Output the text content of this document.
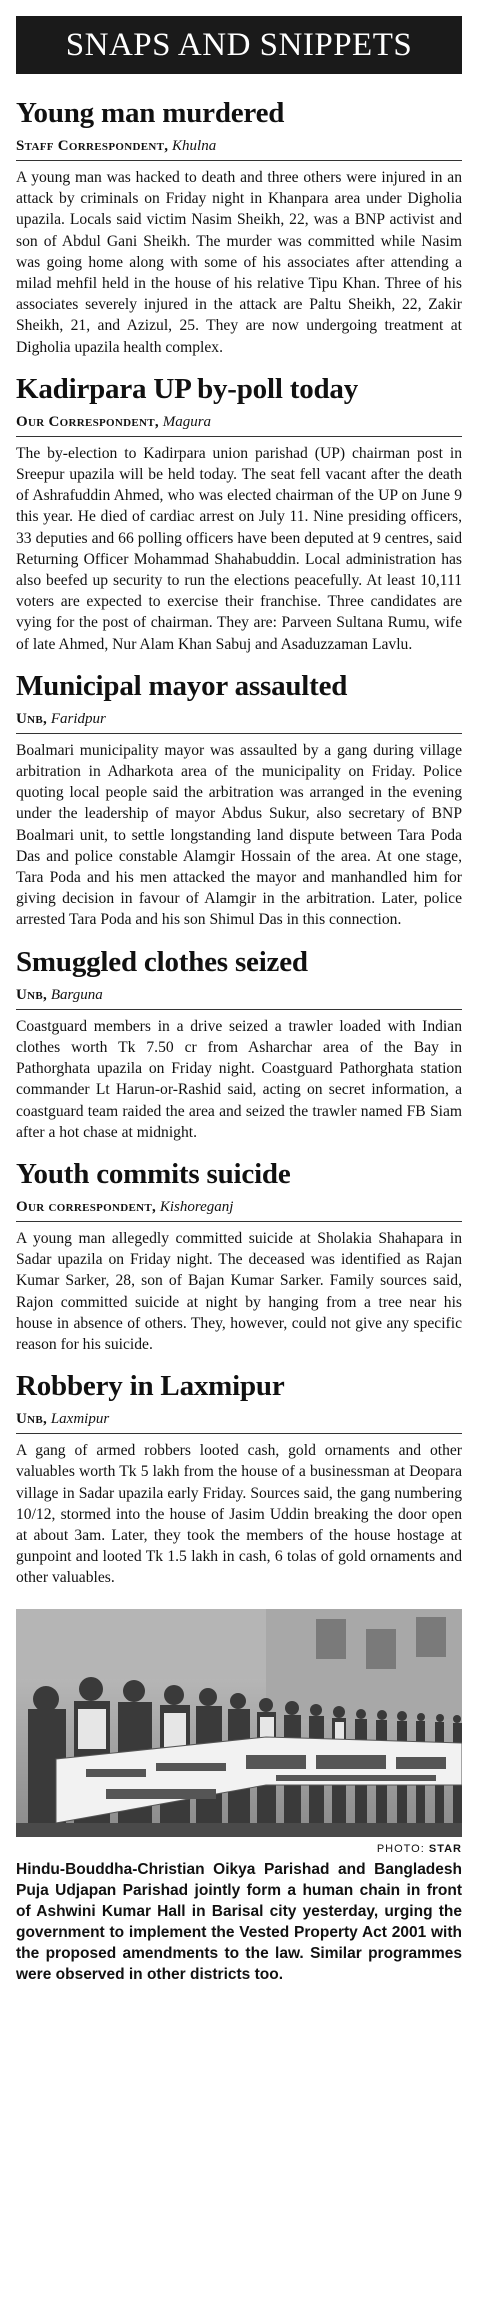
SNAPS AND SNIPPETS
Young man murdered
Staff Correspondent, Khulna

A young man was hacked to death and three others were injured in an attack by criminals on Friday night in Khanpara area under Digholia upazila. Locals said victim Nasim Sheikh, 22, was a BNP activist and son of Abdul Gani Sheikh. The murder was committed while Nasim was going home along with some of his associates after attending a milad mehfil held in the house of his relative Tipu Khan. Three of his associates severely injured in the attack are Paltu Sheikh, 22, Zakir Sheikh, 21, and Azizul, 25. They are now undergoing treatment at Digholia upazila health complex.

Kadirpara UP by-poll today
Our Correspondent, Magura

The by-election to Kadirpara union parishad (UP) chairman post in Sreepur upazila will be held today. The seat fell vacant after the death of Ashrafuddin Ahmed, who was elected chairman of the UP on June 9 this year. He died of cardiac arrest on July 11. Nine presiding officers, 33 deputies and 66 polling officers have been deputed at 9 centres, said Returning Officer Mohammad Shahabuddin. Local administration has also beefed up security to run the elections peacefully. At least 10,111 voters are expected to exercise their franchise. Three candidates are vying for the post of chairman. They are: Parveen Sultana Rumu, wife of late Ahmed, Nur Alam Khan Sabuj and Asaduzzaman Lavlu.

Municipal mayor assaulted
Unb, Faridpur

Boalmari municipality mayor was assaulted by a gang during village arbitration in Adharkota area of the municipality on Friday. Police quoting local people said the arbitration was arranged in the evening under the leadership of mayor Abdus Sukur, also secretary of BNP Boalmari unit, to settle longstanding land dispute between Tara Poda Das and police constable Alamgir Hossain of the area. At one stage, Tara Poda and his men attacked the mayor and manhandled him for giving decision in favour of Alamgir in the arbitration. Later, police arrested Tara Poda and his son Shimul Das in this connection.

Smuggled clothes seized
Unb, Barguna

Coastguard members in a drive seized a trawler loaded with Indian clothes worth Tk 7.50 cr from Asharchar area of the Bay in Pathorghata upazila on Friday night. Coastguard Pathorghata station commander Lt Harun-or-Rashid said, acting on secret information, a coastguard team raided the area and seized the trawler named FB Siam after a hot chase at midnight.

Youth commits suicide
Our correspondent, Kishoreganj

A young man allegedly committed suicide at Sholakia Shahapara in Sadar upazila on Friday night. The deceased was identified as Rajan Kumar Sarker, 28, son of Bajan Kumar Sarker. Family sources said, Rajon committed suicide at night by hanging from a tree near his house in absence of others. They, however, could not give any specific reason for his suicide.

Robbery in Laxmipur
Unb, Laxmipur

A gang of armed robbers looted cash, gold ornaments and other valuables worth Tk 5 lakh from the house of a businessman at Deopara village in Sadar upazila early Friday. Sources said, the gang numbering 10/12, stormed into the house of Jasim Uddin breaking the door open at about 3am. Later, they took the members of the house hostage at gunpoint and looted Tk 1.5 lakh in cash, 6 tolas of gold ornaments and other valuables.

PHOTO: STAR

Hindu-Bouddha-Christian Oikya Parishad and Bangladesh Puja Udjapan Parishad jointly form a human chain in front of Ashwini Kumar Hall in Barisal city yesterday, urging the government to implement the Vested Property Act 2001 with the proposed amendments to the law. Similar programmes were observed in other districts too.
